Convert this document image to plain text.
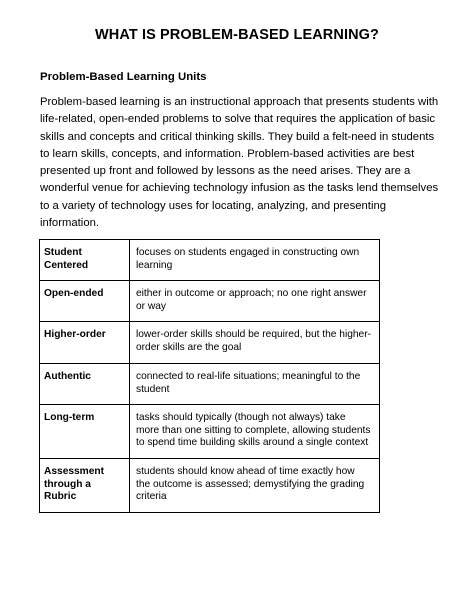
WHAT IS PROBLEM-BASED LEARNING?
Problem-Based Learning Units

Problem-based learning is an instructional approach that presents students with life-related, open-ended problems to solve that requires the application of basic skills and concepts and critical thinking skills. They build a felt-need in students to learn skills, concepts, and information. Problem-based activities are best presented up front and followed by lessons as the need arises. They are a wonderful venue for achieving technology infusion as the tasks lend themselves to a variety of technology uses for locating, analyzing, and presenting information.

Student Centered	focuses on students engaged in constructing own learning
Open-ended	either in outcome or approach; no one right answer or way
Higher-order	lower-order skills should be required, but the higher-order skills are the goal
Authentic	connected to real-life situations; meaningful to the student
Long-term	tasks should typically (though not always) take more than one sitting to complete, allowing students to spend time building skills around a single context
Assessment through a Rubric	students should know ahead of time exactly how the outcome is assessed; demystifying the grading criteria
